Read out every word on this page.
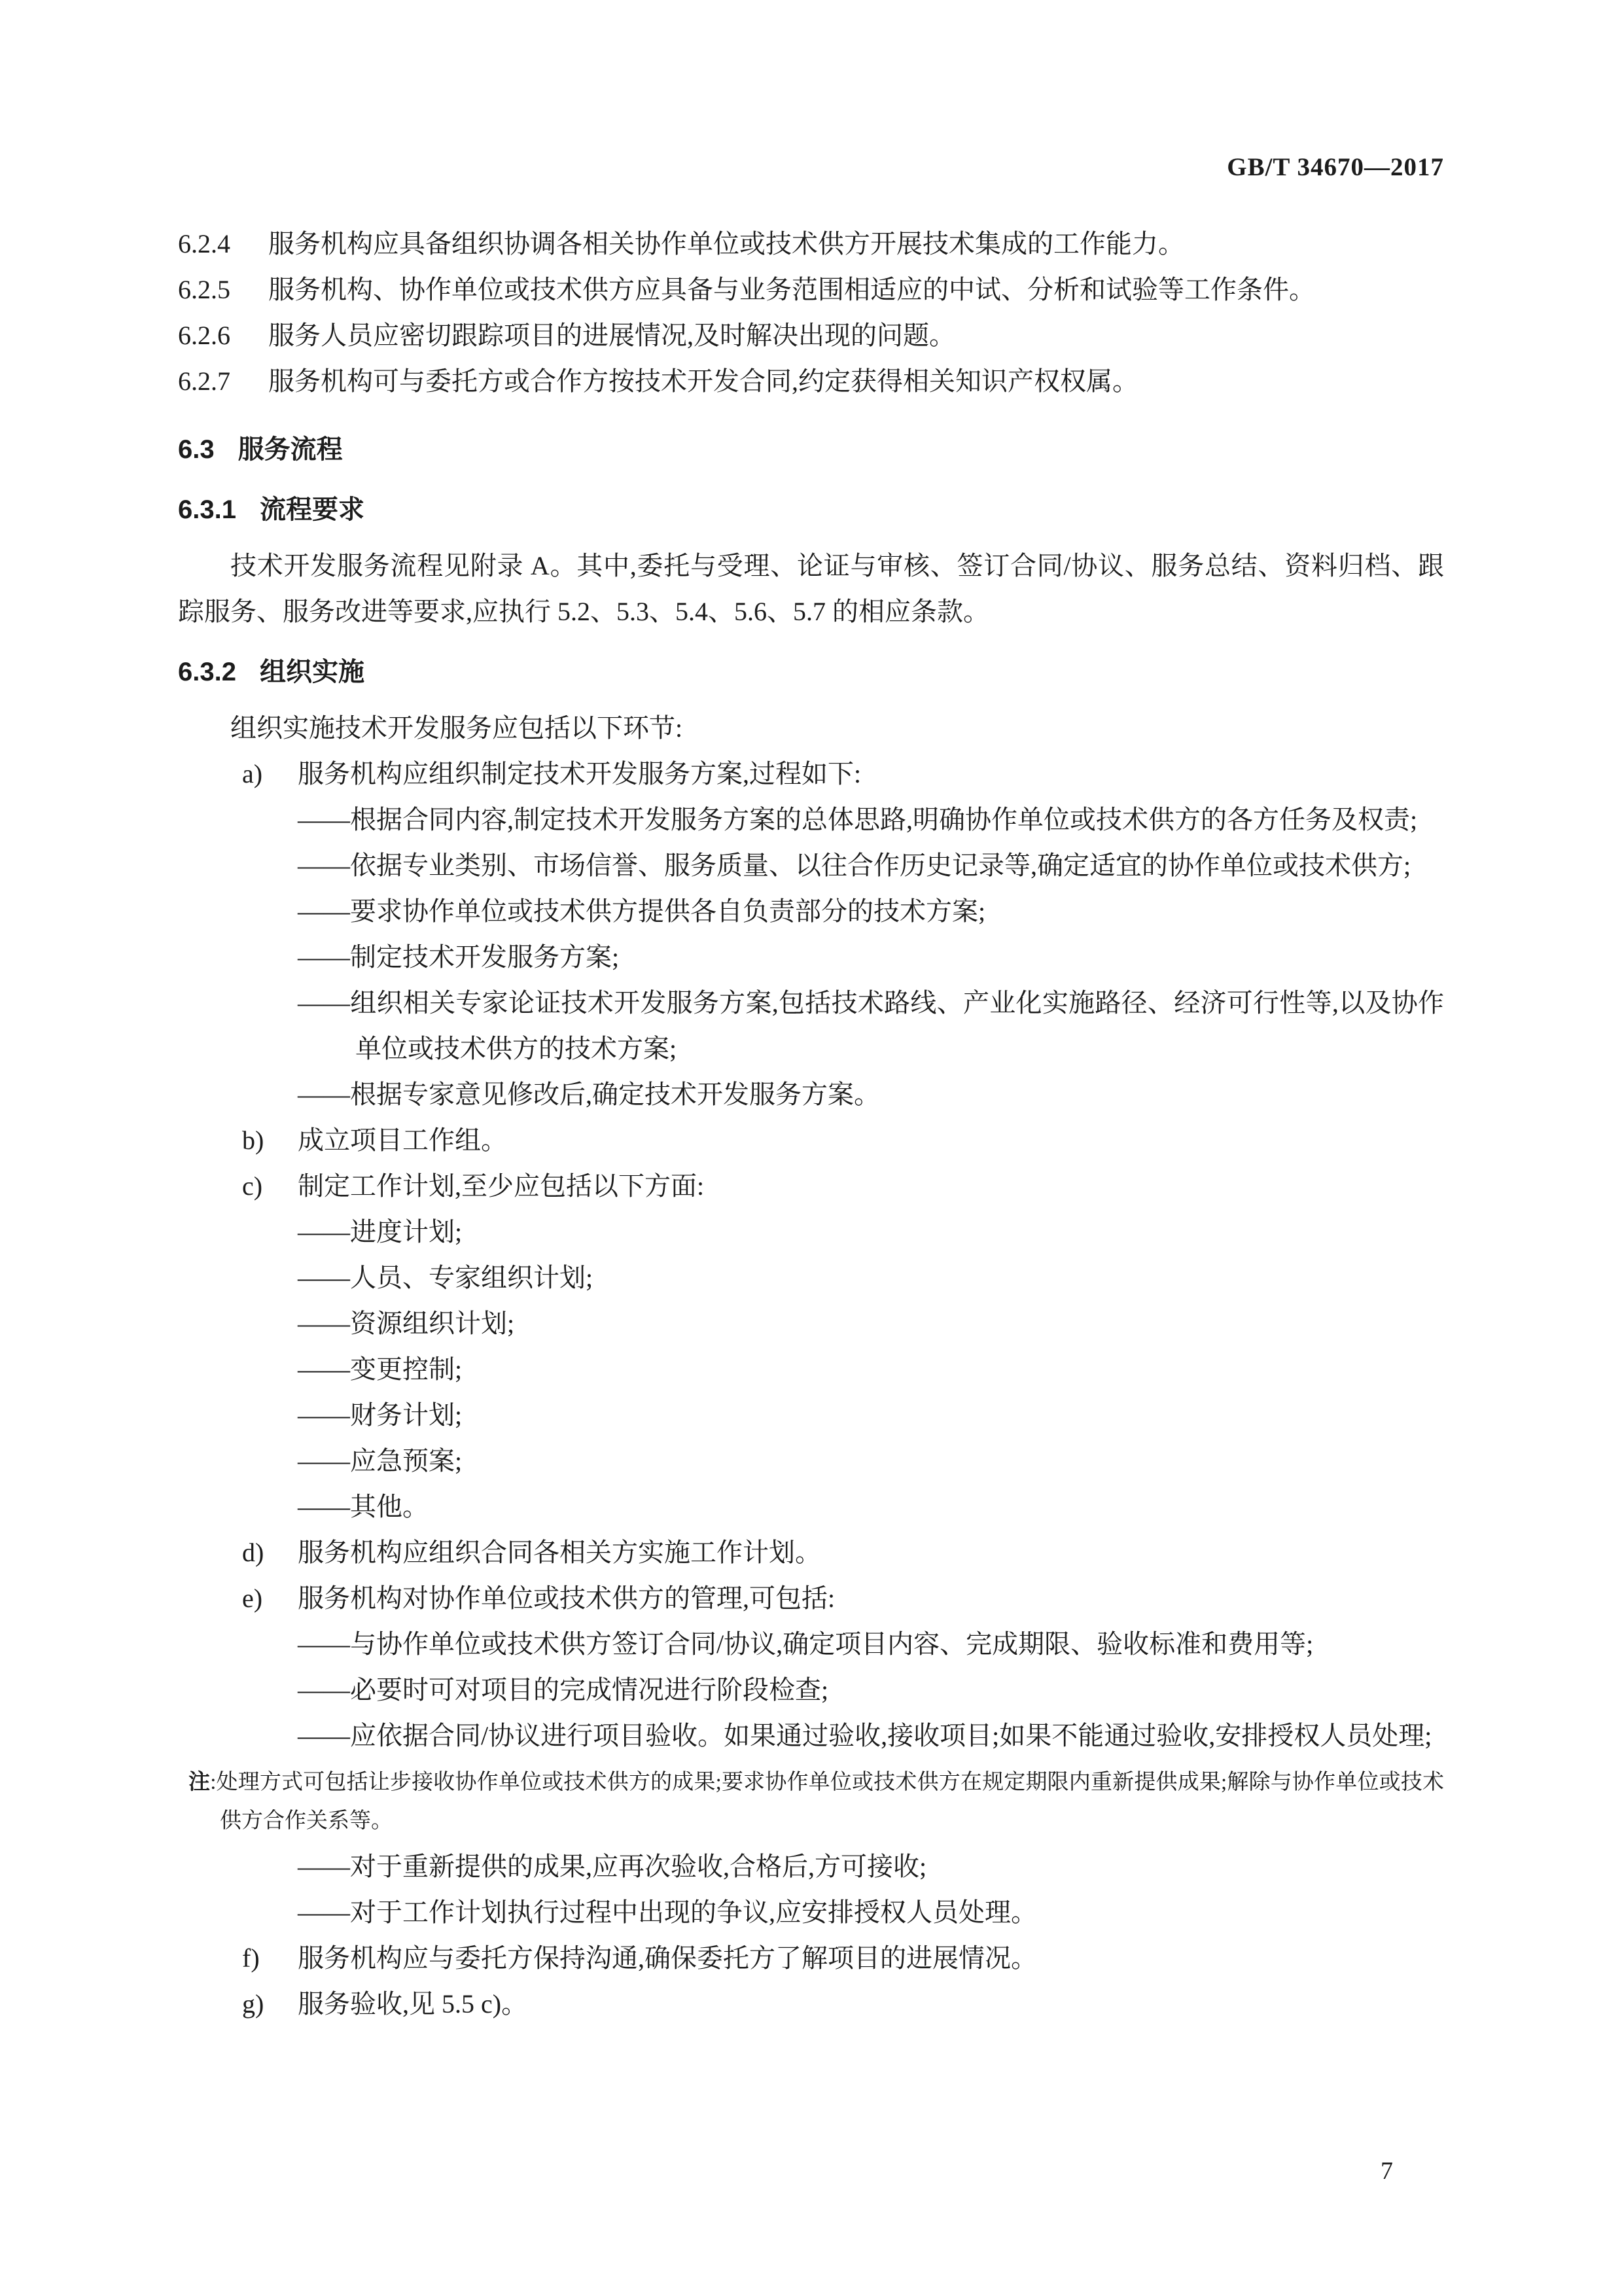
GB/T 34670—2017
6.2.4 服务机构应具备组织协调各相关协作单位或技术供方开展技术集成的工作能力。
6.2.5 服务机构、协作单位或技术供方应具备与业务范围相适应的中试、分析和试验等工作条件。
6.2.6 服务人员应密切跟踪项目的进展情况,及时解决出现的问题。
6.2.7 服务机构可与委托方或合作方按技术开发合同,约定获得相关知识产权权属。
6.3 服务流程
6.3.1 流程要求
技术开发服务流程见附录 A。其中,委托与受理、论证与审核、签订合同/协议、服务总结、资料归档、跟踪服务、服务改进等要求,应执行 5.2、5.3、5.4、5.6、5.7 的相应条款。
6.3.2 组织实施
组织实施技术开发服务应包括以下环节:
a) 服务机构应组织制定技术开发服务方案,过程如下:
——根据合同内容,制定技术开发服务方案的总体思路,明确协作单位或技术供方的各方任务及权责;
——依据专业类别、市场信誉、服务质量、以往合作历史记录等,确定适宜的协作单位或技术供方;
——要求协作单位或技术供方提供各自负责部分的技术方案;
——制定技术开发服务方案;
——组织相关专家论证技术开发服务方案,包括技术路线、产业化实施路径、经济可行性等,以及协作单位或技术供方的技术方案;
——根据专家意见修改后,确定技术开发服务方案。
b) 成立项目工作组。
c) 制定工作计划,至少应包括以下方面:
——进度计划;
——人员、专家组织计划;
——资源组织计划;
——变更控制;
——财务计划;
——应急预案;
——其他。
d) 服务机构应组织合同各相关方实施工作计划。
e) 服务机构对协作单位或技术供方的管理,可包括:
——与协作单位或技术供方签订合同/协议,确定项目内容、完成期限、验收标准和费用等;
——必要时可对项目的完成情况进行阶段检查;
——应依据合同/协议进行项目验收。如果通过验收,接收项目;如果不能通过验收,安排授权人员处理;
注:处理方式可包括让步接收协作单位或技术供方的成果;要求协作单位或技术供方在规定期限内重新提供成果;解除与协作单位或技术供方合作关系等。
——对于重新提供的成果,应再次验收,合格后,方可接收;
——对于工作计划执行过程中出现的争议,应安排授权人员处理。
f) 服务机构应与委托方保持沟通,确保委托方了解项目的进展情况。
g) 服务验收,见 5.5 c)。
7
